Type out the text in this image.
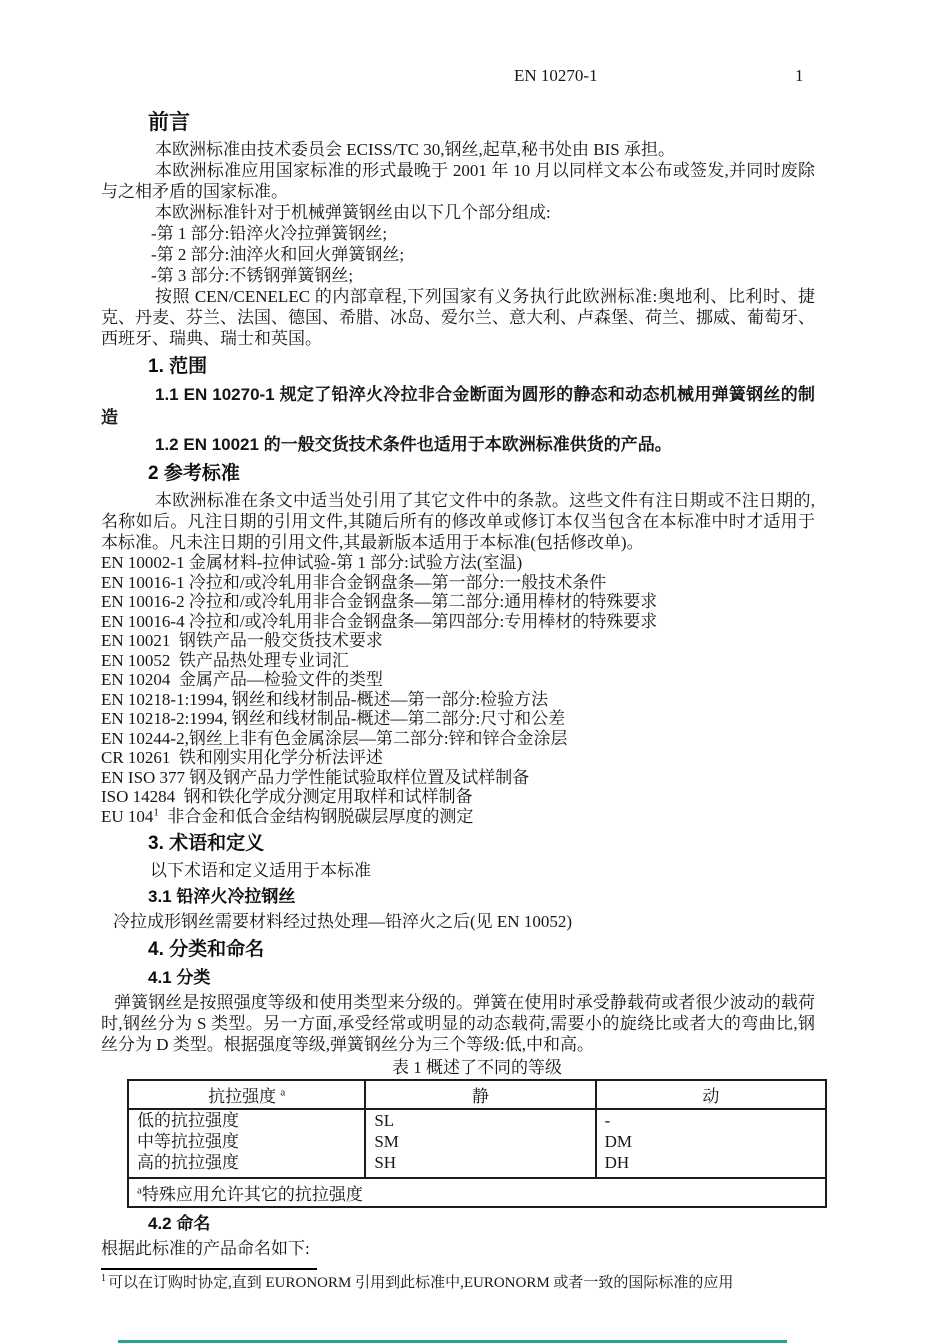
EN 10270-1	1
前言

本欧洲标准由技术委员会 ECISS/TC 30,钢丝,起草,秘书处由 BIS 承担。

本欧洲标准应用国家标准的形式最晚于 2001 年 10 月以同样文本公布或签发,并同时废除与之相矛盾的国家标准。

本欧洲标准针对于机械弹簧钢丝由以下几个部分组成:

-第 1 部分:铅淬火冷拉弹簧钢丝;

-第 2 部分:油淬火和回火弹簧钢丝;

-第 3 部分:不锈钢弹簧钢丝;

按照 CEN/CENELEC 的内部章程,下列国家有义务执行此欧洲标准:奥地利、比利时、捷克、丹麦、芬兰、法国、德国、希腊、冰岛、爱尔兰、意大利、卢森堡、荷兰、挪威、葡萄牙、西班牙、瑞典、瑞士和英国。

1. 范围

1.1 EN 10270-1 规定了铅淬火冷拉非合金断面为圆形的静态和动态机械用弹簧钢丝的制造

1.2 EN 10021 的一般交货技术条件也适用于本欧洲标准供货的产品。

2 参考标准

本欧洲标准在条文中适当处引用了其它文件中的条款。这些文件有注日期或不注日期的,名称如后。凡注日期的引用文件,其随后所有的修改单或修订本仅当包含在本标准中时才适用于本标准。凡未注日期的引用文件,其最新版本适用于本标准(包括修改单)。

EN 10002-1 金属材料-拉伸试验-第 1 部分:试验方法(室温)

EN 10016-1 冷拉和/或冷轧用非合金钢盘条—第一部分:一般技术条件

EN 10016-2 冷拉和/或冷轧用非合金钢盘条—第二部分:通用棒材的特殊要求

EN 10016-4 冷拉和/或冷轧用非合金钢盘条—第四部分:专用棒材的特殊要求

EN 10021  钢铁产品一般交货技术要求

EN 10052  铁产品热处理专业词汇

EN 10204  金属产品—检验文件的类型

EN 10218-1:1994, 钢丝和线材制品-概述—第一部分:检验方法

EN 10218-2:1994, 钢丝和线材制品-概述—第二部分:尺寸和公差

EN 10244-2,钢丝上非有色金属涂层—第二部分:锌和锌合金涂层

CR 10261  铁和刚实用化学分析法评述

EN ISO 377 钢及钢产品力学性能试验取样位置及试样制备

ISO 14284  钢和铁化学成分测定用取样和试样制备

EU $104^1$  非合金和低合金结构钢脱碳层厚度的测定

3. 术语和定义

以下术语和定义适用于本标准

3.1 铅淬火冷拉钢丝

冷拉成形钢丝需要材料经过热处理—铅淬火之后(见 EN 10052)

4. 分类和命名
4.1 分类

弹簧钢丝是按照强度等级和使用类型来分级的。弹簧在使用时承受静载荷或者很少波动的载荷时,钢丝分为 S 类型。另一方面,承受经常或明显的动态载荷,需要小的旋绕比或者大的弯曲比,钢丝分为 D 类型。根据强度等级,弹簧钢丝分为三个等级:低,中和高。

表 1 概述了不同的等级
抗拉强度 $^a$	静	动
低的抗拉强度	SL	-
中等抗拉强度	SM	DM
高的抗拉强度	SH	DH
$^a$特殊应用允许其它的抗拉强度		
4.2 命名

根据此标准的产品命名如下:

$^1$ 可以在订购时协定,直到 EURONORM 引用到此标准中,EURONORM 或者一致的国际标准的应用
